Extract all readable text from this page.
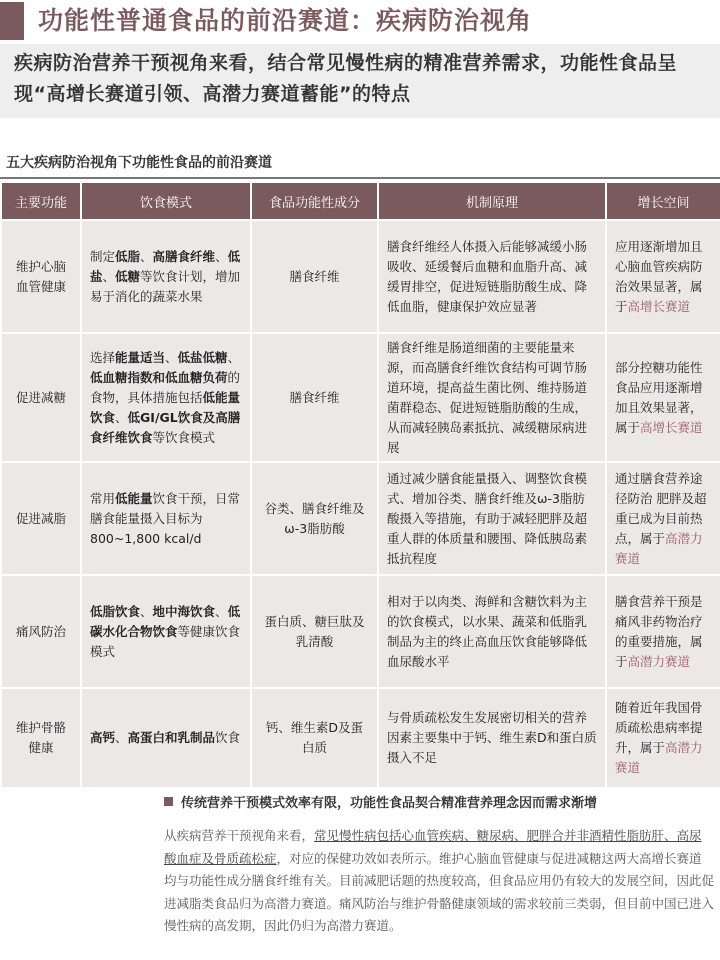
功能性普通食品的前沿赛道：疾病防治视角

疾病防治营养干预视角来看，结合常见慢性病的精准营养需求，功能性食品呈现“高增长赛道引领、高潜力赛道蓄能”的特点

五大疾病防治视角下功能性食品的前沿赛道
主要功能	饮食模式	食品功能性成分	机制原理	增长空间
维护心脑血管健康	制定低脂、高膳食纤维、低盐、低糖等饮食计划，增加易于消化的蔬菜水果	膳食纤维	膳食纤维经人体摄入后能够减缓小肠吸收、延缓餐后血糖和血脂升高、减缓胃排空，促进短链脂肪酸生成、降低血脂，健康保护效应显著	应用逐渐增加且心脑血管疾病防治效果显著，属于高增长赛道
促进减糖	选择能量适当、低盐低糖、低血糖指数和低血糖负荷的食物，具体措施包括低能量饮食、低GI/GL饮食及高膳食纤维饮食等饮食模式	膳食纤维	膳食纤维是肠道细菌的主要能量来源，而高膳食纤维饮食结构可调节肠道环境，提高益生菌比例、维持肠道菌群稳态、促进短链脂肪酸的生成，从而减轻胰岛素抵抗、减缓糖尿病进展	部分控糖功能性食品应用逐渐增加且效果显著，属于高增长赛道
促进减脂	常用低能量饮食干预，日常膳食能量摄入目标为 800~1,800 kcal/d	谷类、膳食纤维及ω-3脂肪酸	通过减少膳食能量摄入、调整饮食模式、增加谷类、膳食纤维及ω-3脂肪酸摄入等措施，有助于减轻肥胖及超重人群的体质量和腰围、降低胰岛素抵抗程度	通过膳食营养途径防治 肥胖及超重已成为目前热点，属于高潜力赛道
痛风防治	低脂饮食、地中海饮食、低碳水化合物饮食等健康饮食模式	蛋白质、糖巨肽及乳清酸	相对于以肉类、海鲜和含糖饮料为主的饮食模式，以水果、蔬菜和低脂乳制品为主的终止高血压饮食能够降低血尿酸水平	膳食营养干预是痛风非药物治疗的重要措施，属于高潜力赛道
维护骨骼健康	高钙、高蛋白和乳制品饮食	钙、维生素D及蛋白质	与骨质疏松发生发展密切相关的营养因素主要集中于钙、维生素D和蛋白质摄入不足	随着近年我国骨质疏松患病率提升，属于高潜力赛道
传统营养干预模式效率有限，功能性食品契合精准营养理念因而需求渐增
从疾病营养干预视角来看，常见慢性病包括心血管疾病、糖尿病、肥胖合并非酒精性脂肪肝、高尿酸血症及骨质疏松症，对应的保健功效如表所示。维护心脑血管健康与促进减糖这两大高增长赛道均与功能性成分膳食纤维有关。目前减肥话题的热度较高，但食品应用仍有较大的发展空间，因此促进减脂类食品归为高潜力赛道。痛风防治与维护骨骼健康领域的需求较前三类弱，但目前中国已进入慢性病的高发期，因此仍归为高潜力赛道。
